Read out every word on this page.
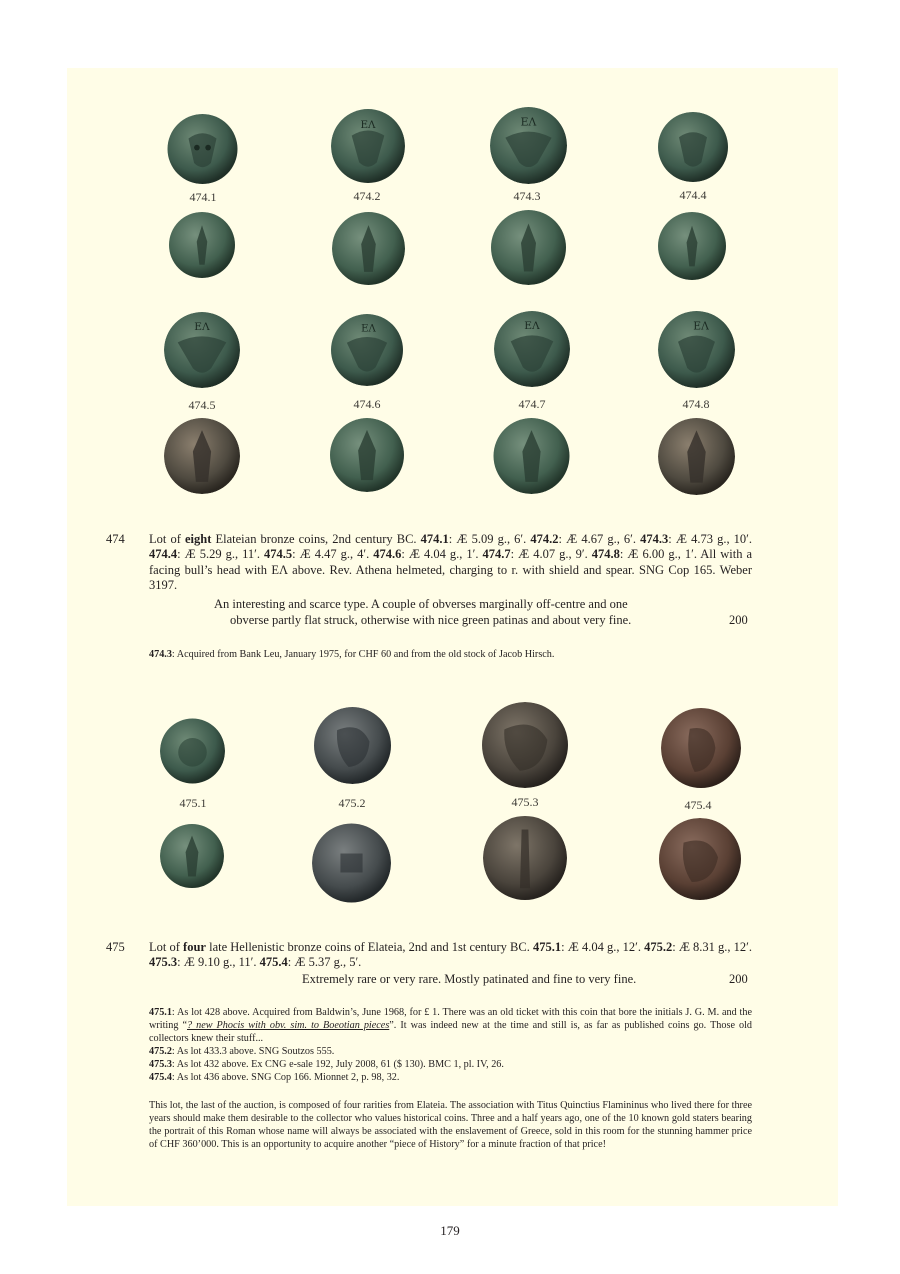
ΕΛ	ΕΛ
474.1	474.2	474.3	474.4
ΕΛ	ΕΛ	ΕΛ	ΕΛ
474.5	474.6	474.7	474.8
474 Lot of eight Elateian bronze coins, 2nd century BC. 474.1: Æ 5.09 g., 6′. 474.2: Æ 4.67 g., 6′. 474.3: Æ 4.73 g., 10′. 474.4: Æ 5.29 g., 11′. 474.5: Æ 4.47 g., 4′. 474.6: Æ 4.04 g., 1′. 474.7: Æ 4.07 g., 9′. 474.8: Æ 6.00 g., 1′. All with a facing bull’s head with ΕΛ above. Rev. Athena helmeted, charging to r. with shield and spear. SNG Cop 165. Weber 3197.
An interesting and scarce type. A couple of obverses marginally off-centre and one
obverse partly flat struck, otherwise with nice green patinas and about very fine.	200
474.3: Acquired from Bank Leu, January 1975, for CHF 60 and from the old stock of Jacob Hirsch.
475.1	475.2	475.3	475.4
475 Lot of four late Hellenistic bronze coins of Elateia, 2nd and 1st century BC. 475.1: Æ 4.04 g., 12′. 475.2: Æ 8.31 g., 12′. 475.3: Æ 9.10 g., 11′. 475.4: Æ 5.37 g., 5′.
Extremely rare or very rare. Mostly patinated and fine to very fine.	200
475.1: As lot 428 above. Acquired from Baldwin’s, June 1968, for £ 1. There was an old ticket with this coin that bore the initials J. G. M. and the writing “? new Phocis with obv. sim. to Boeotian pieces”. It was indeed new at the time and still is, as far as published coins go. Those old collectors knew their stuff...
475.2: As lot 433.3 above. SNG Soutzos 555.
475.3: As lot 432 above. Ex CNG e-sale 192, July 2008, 61 ($ 130). BMC 1, pl. IV, 26.
475.4: As lot 436 above. SNG Cop 166. Mionnet 2, p. 98, 32.
This lot, the last of the auction, is composed of four rarities from Elateia. The association with Titus Quinctius Flamininus who lived there for three years should make them desirable to the collector who values historical coins. Three and a half years ago, one of the 10 known gold staters bearing the portrait of this Roman whose name will always be associated with the enslavement of Greece, sold in this room for the stunning hammer price of CHF 360’000. This is an opportunity to acquire another “piece of History” for a minute fraction of that price!
179
